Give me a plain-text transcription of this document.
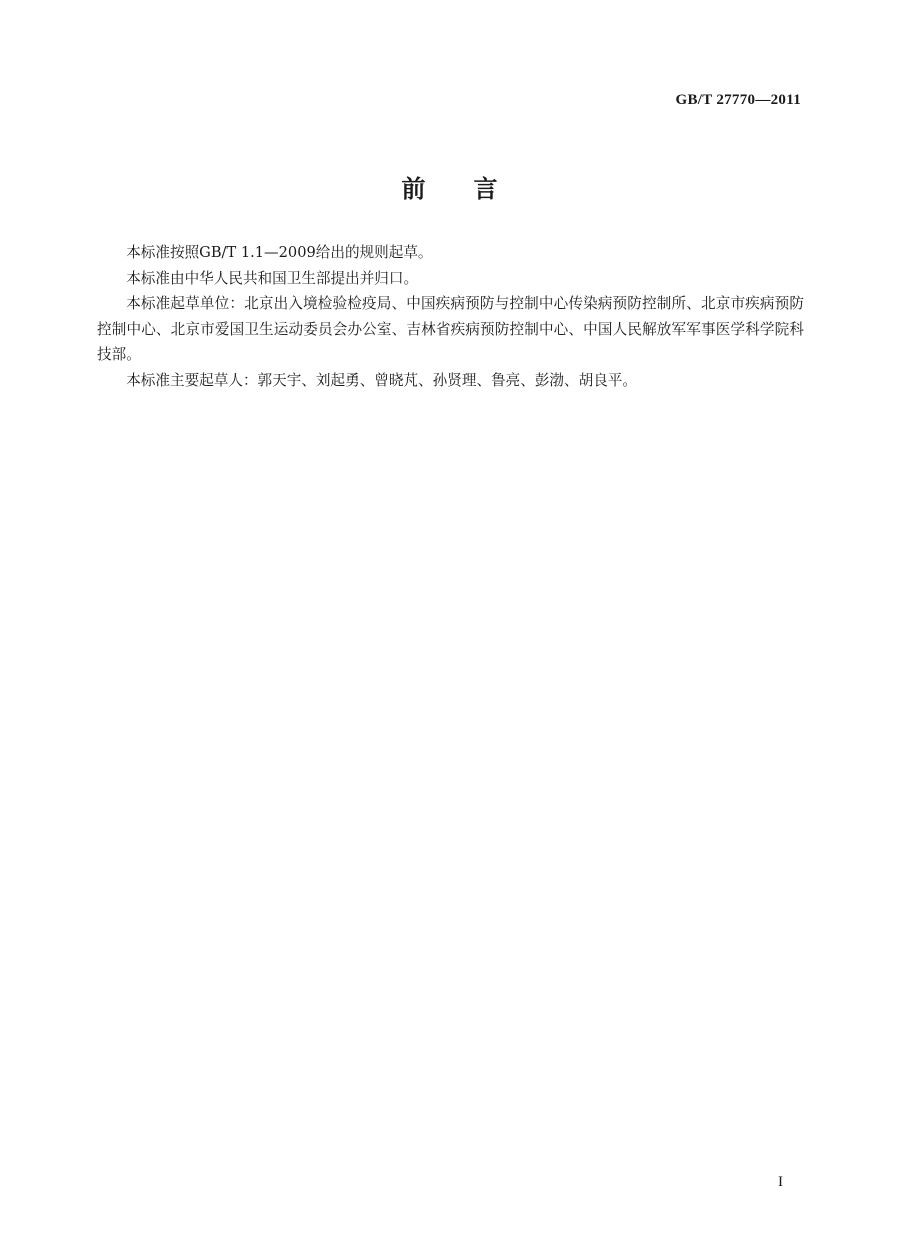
GB/T 27770—2011
前言

本标准按照GB/T 1.1—2009给出的规则起草。

本标准由中华人民共和国卫生部提出并归口。

本标准起草单位：北京出入境检验检疫局、中国疾病预防与控制中心传染病预防控制所、北京市疾病预防控制中心、北京市爱国卫生运动委员会办公室、吉林省疾病预防控制中心、中国人民解放军军事医学科学院科技部。

本标准主要起草人：郭天宇、刘起勇、曾晓芃、孙贤理、鲁亮、彭渤、胡良平。

I
